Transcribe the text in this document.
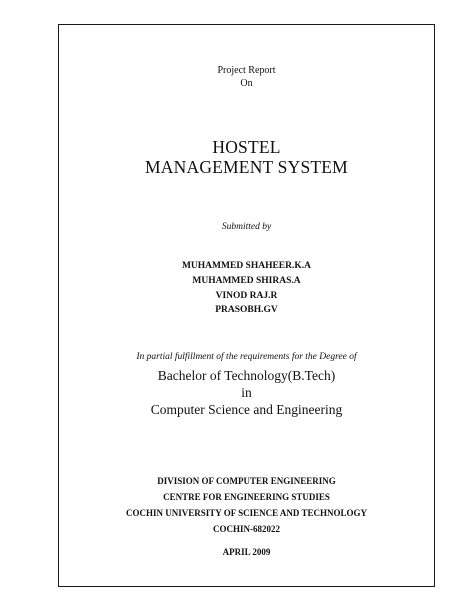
Project Report
On
HOSTEL
MANAGEMENT SYSTEM
Submitted by
MUHAMMED SHAHEER.K.A
MUHAMMED SHIRAS.A
VINOD RAJ.R
PRASOBH.GV
In partial fulfillment of the requirements for the Degree of
Bachelor of Technology(B.Tech)
in
Computer Science and Engineering
DIVISION OF COMPUTER ENGINEERING
CENTRE FOR ENGINEERING STUDIES
COCHIN UNIVERSITY OF SCIENCE AND TECHNOLOGY
COCHIN-682022
APRIL 2009
